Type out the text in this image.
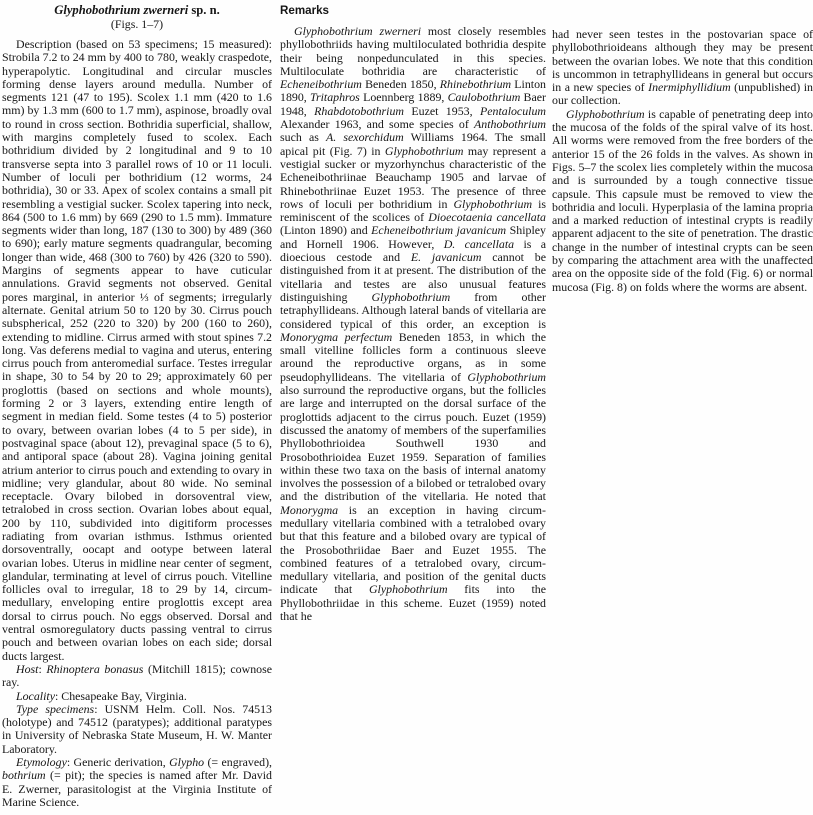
Glyphobothrium zwerneri sp. n.
(Figs. 1–7)

Description (based on 53 specimens; 15 measured): Strobila 7.2 to 24 mm by 400 to 780, weakly craspedote, hyperapolytic. Longitudinal and circular muscles forming dense layers around medulla. Number of segments 121 (47 to 195). Scolex 1.1 mm (420 to 1.6 mm) by 1.3 mm (600 to 1.7 mm), aspinose, broadly oval to round in cross section. Bothridia superficial, shallow, with margins completely fused to scolex. Each bothridium divided by 2 longitudinal and 9 to 10 transverse septa into 3 parallel rows of 10 or 11 loculi. Number of loculi per bothridium (12 worms, 24 bothridia), 30 or 33. Apex of scolex contains a small pit resembling a vestigial sucker. Scolex tapering into neck, 864 (500 to 1.6 mm) by 669 (290 to 1.5 mm). Immature segments wider than long, 187 (130 to 300) by 489 (360 to 690); early mature segments quadrangular, becoming longer than wide, 468 (300 to 760) by 426 (320 to 590). Margins of segments appear to have cuticular annulations. Gravid segments not observed. Genital pores marginal, in anterior ⅓ of segments; irregularly alternate. Genital atrium 50 to 120 by 30. Cirrus pouch subspherical, 252 (220 to 320) by 200 (160 to 260), extending to midline. Cirrus armed with stout spines 7.2 long. Vas deferens medial to vagina and uterus, entering cirrus pouch from anteromedial surface. Testes irregular in shape, 30 to 54 by 20 to 29; approximately 60 per proglottis (based on sections and whole mounts), forming 2 or 3 layers, extending entire length of segment in median field. Some testes (4 to 5) posterior to ovary, between ovarian lobes (4 to 5 per side), in postvaginal space (about 12), prevaginal space (5 to 6), and antiporal space (about 28). Vagina joining genital atrium anterior to cirrus pouch and extending to ovary in midline; very glandular, about 80 wide. No seminal receptacle. Ovary bilobed in dorsoventral view, tetralobed in cross section. Ovarian lobes about equal, 200 by 110, subdivided into digitiform processes radiating from ovarian isthmus. Isthmus oriented dorsoventrally, oocapt and ootype between lateral ovarian lobes. Uterus in midline near center of segment, glandular, terminating at level of cirrus pouch. Vitelline follicles oval to irregular, 18 to 29 by 14, circum-medullary, enveloping entire proglottis except area dorsal to cirrus pouch. No eggs observed. Dorsal and ventral osmoregulatory ducts passing ventral to cirrus pouch and between ovarian lobes on each side; dorsal ducts largest.

Host: Rhinoptera bonasus (Mitchill 1815); cownose ray.

Locality: Chesapeake Bay, Virginia.

Type specimens: USNM Helm. Coll. Nos. 74513 (holotype) and 74512 (paratypes); additional paratypes in University of Nebraska State Museum, H. W. Manter Laboratory.

Etymology: Generic derivation, Glypho (= engraved), bothrium (= pit); the species is named after Mr. David E. Zwerner, parasitologist at the Virginia Institute of Marine Science.

Remarks

Glyphobothrium zwerneri most closely resembles phyllobothriids having multiloculated bothridia despite their being nonpedunculated in this species. Multiloculate bothridia are characteristic of Echeneibothrium Beneden 1850, Rhinebothrium Linton 1890, Tritaphros Loennberg 1889, Caulobothrium Baer 1948, Rhabdotobothrium Euzet 1953, Pentaloculum Alexander 1963, and some species of Anthobothrium such as A. sexorchidum Williams 1964. The small apical pit (Fig. 7) in Glyphobothrium may represent a vestigial sucker or myzorhynchus characteristic of the Echeneibothriinae Beauchamp 1905 and larvae of Rhinebothriinae Euzet 1953. The presence of three rows of loculi per bothridium in Glyphobothrium is reminiscent of the scolices of Dioecotaenia cancellata (Linton 1890) and Echeneibothrium javanicum Shipley and Hornell 1906. However, D. cancellata is a dioecious cestode and E. javanicum cannot be distinguished from it at present. The distribution of the vitellaria and testes are also unusual features distinguishing Glyphobothrium from other tetraphyllideans. Although lateral bands of vitellaria are considered typical of this order, an exception is Monorygma perfectum Beneden 1853, in which the small vitelline follicles form a continuous sleeve around the reproductive organs, as in some pseudophyllideans. The vitellaria of Glyphobothrium also surround the reproductive organs, but the follicles are large and interrupted on the dorsal surface of the proglottids adjacent to the cirrus pouch. Euzet (1959) discussed the anatomy of members of the superfamilies Phyllobothrioidea Southwell 1930 and Prosobothrioidea Euzet 1959. Separation of families within these two taxa on the basis of internal anatomy involves the possession of a bilobed or tetralobed ovary and the distribution of the vitellaria. He noted that Monorygma is an exception in having circum-medullary vitellaria combined with a tetralobed ovary but that this feature and a bilobed ovary are typical of the Prosobothriidae Baer and Euzet 1955. The combined features of a tetralobed ovary, circum-medullary vitellaria, and position of the genital ducts indicate that Glyphobothrium fits into the Phyllobothriidae in this scheme. Euzet (1959) noted that he

had never seen testes in the postovarian space of phyllobothrioideans although they may be present between the ovarian lobes. We note that this condition is uncommon in tetraphyllideans in general but occurs in a new species of Inermiphyllidium (unpublished) in our collection.

Glyphobothrium is capable of penetrating deep into the mucosa of the folds of the spiral valve of its host. All worms were removed from the free borders of the anterior 15 of the 26 folds in the valves. As shown in Figs. 5–7 the scolex lies completely within the mucosa and is surrounded by a tough connective tissue capsule. This capsule must be removed to view the bothridia and loculi. Hyperplasia of the lamina propria and a marked reduction of intestinal crypts is readily apparent adjacent to the site of penetration. The drastic change in the number of intestinal crypts can be seen by comparing the attachment area with the unaffected area on the opposite side of the fold (Fig. 6) or normal mucosa (Fig. 8) on folds where the worms are absent.
